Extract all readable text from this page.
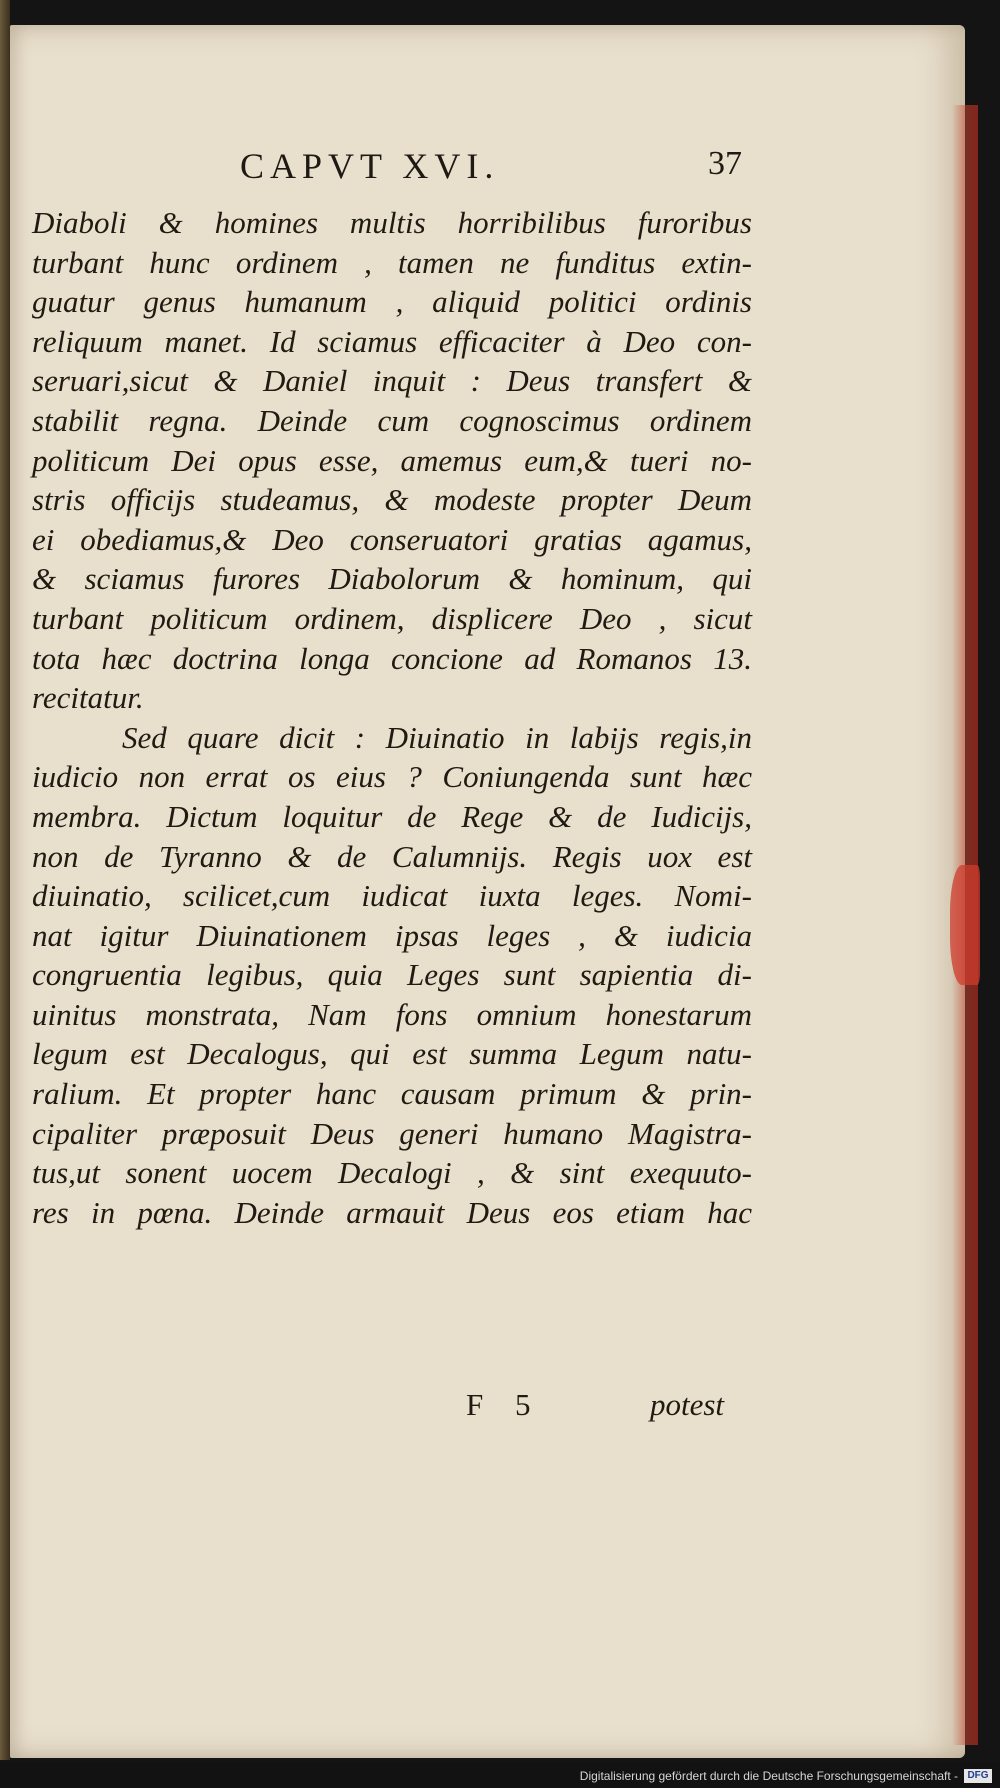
CAPVT XVI.	37
Diaboli & homines multis horribilibus furoribus
turbant hunc ordinem , tamen ne funditus extin-
guatur genus humanum , aliquid politici ordinis
reliquum manet. Id sciamus efficaciter à Deo con-
seruari,sicut & Daniel inquit : Deus transfert &
stabilit regna. Deinde cum cognoscimus ordinem
politicum Dei opus esse, amemus eum,& tueri no-
stris officijs studeamus, & modeste propter Deum
ei obediamus,& Deo conseruatori gratias agamus,
& sciamus furores Diabolorum & hominum, qui
turbant politicum ordinem, displicere Deo , sicut
tota hæc doctrina longa concione ad Romanos 13.
recitatur.
Sed quare dicit : Diuinatio in labijs regis,in
iudicio non errat os eius ? Coniungenda sunt hæc
membra. Dictum loquitur de Rege & de Iudicijs,
non de Tyranno & de Calumnijs. Regis uox est
diuinatio, scilicet,cum iudicat iuxta leges. Nomi-
nat igitur Diuinationem ipsas leges , & iudicia
congruentia legibus, quia Leges sunt sapientia di-
uinitus monstrata, Nam fons omnium honestarum
legum est Decalogus, qui est summa Legum natu-
ralium. Et propter hanc causam primum & prin-
cipaliter præposuit Deus generi humano Magistra-
tus,ut sonent uocem Decalogi , & sint exequuto-
res in pœna. Deinde armauit Deus eos etiam hac
F 5	potest
Digitalisierung gefördert durch die Deutsche Forschungsgemeinschaft - DFG
